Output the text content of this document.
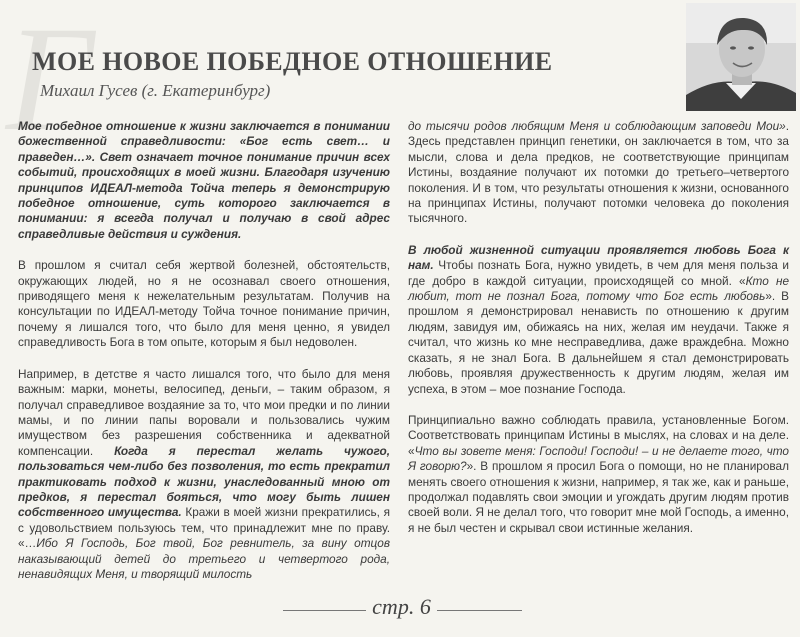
Г
МОЕ НОВОЕ ПОБЕДНОЕ ОТНОШЕНИЕ
Михаил Гусев (г. Екатеринбург)

Мое победное отношение к жизни заключается в понимании божественной справедливости: «Бог есть свет… и праведен…». Свет означает точное понимание причин всех событий, происходящих в моей жизни. Благодаря изучению принципов ИДЕАЛ-метода Тойча теперь я демонстрирую победное отношение, суть которого заключается в понимании: я всегда получал и получаю в свой адрес справедливые действия и суждения.

В прошлом я считал себя жертвой болезней, обстоятельств, окружающих людей, но я не осознавал своего отношения, приводящего меня к нежелательным результатам. Получив на консультации по ИДЕАЛ-методу Тойча точное понимание причин, почему я лишался того, что было для меня ценно, я увидел справедливость Бога в том опыте, которым я был недоволен.

Например, в детстве я часто лишался того, что было для меня важным: марки, монеты, велосипед, деньги, – таким образом, я получал справедливое воздаяние за то, что мои предки и по линии мамы, и по линии папы воровали и пользовались чужим имуществом без разрешения собственника и адекватной компенсации. Когда я перестал желать чужого, пользоваться чем-либо без позволения, то есть прекратил практиковать подход к жизни, унаследованный мною от предков, я перестал бояться, что могу быть лишен собственного имущества. Кражи в моей жизни прекратились, я с удовольствием пользуюсь тем, что принадлежит мне по праву. «…Ибо Я Господь, Бог твой, Бог ревнитель, за вину отцов наказывающий детей до третьего и четвертого рода, ненавидящих Меня, и творящий милость

до тысячи родов любящим Меня и соблюдающим заповеди Мои». Здесь представлен принцип генетики, он заключается в том, что за мысли, слова и дела предков, не соответствующие принципам Истины, воздаяние получают их потомки до третьего–четвертого поколения. И в том, что результаты отношения к жизни, основанного на принципах Истины, получают потомки человека до поколения тысячного.

В любой жизненной ситуации проявляется любовь Бога к нам. Чтобы познать Бога, нужно увидеть, в чем для меня польза и где добро в каждой ситуации, происходящей со мной. «Кто не любит, тот не познал Бога, потому что Бог есть любовь». В прошлом я демонстрировал ненависть по отношению к другим людям, завидуя им, обижаясь на них, желая им неудачи. Также я считал, что жизнь ко мне несправедлива, даже враждебна. Можно сказать, я не знал Бога. В дальнейшем я стал демонстрировать любовь, проявляя дружественность к другим людям, желая им успеха, в этом – мое познание Господа.

Принципиально важно соблюдать правила, установленные Богом. Соответствовать принципам Истины в мыслях, на словах и на деле. «Что вы зовете меня: Господи! Господи! – и не делаете того, что Я говорю?». В прошлом я просил Бога о помощи, но не планировал менять своего отношения к жизни, например, я так же, как и раньше, продолжал подавлять свои эмоции и угождать другим людям против своей воли. Я не делал того, что говорит мне мой Господь, а именно, я не был честен и скрывал свои истинные желания.

стр. 6
